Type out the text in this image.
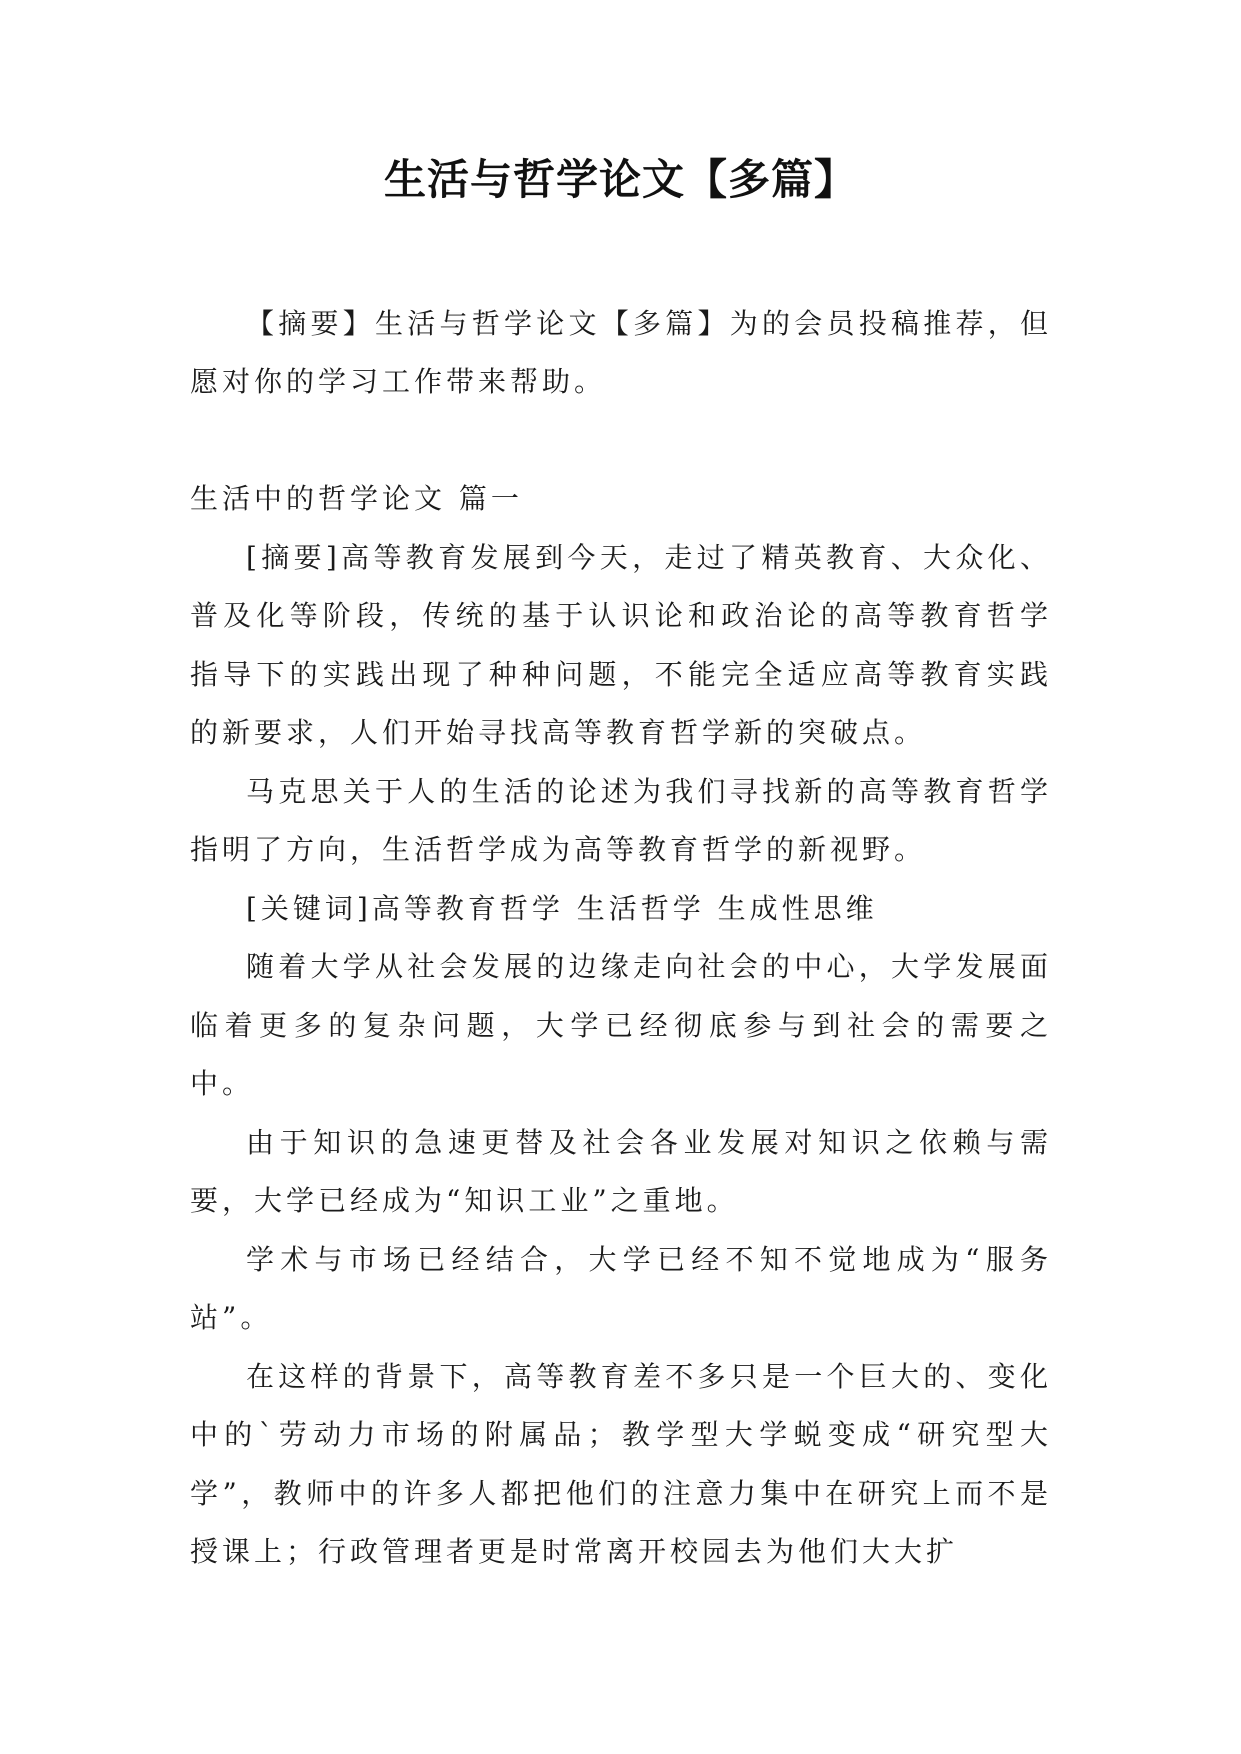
生活与哲学论文【多篇】

【摘要】生活与哲学论文【多篇】为的会员投稿推荐，但愿对你的学习工作带来帮助。

生活中的哲学论文 篇一

[摘要]高等教育发展到今天，走过了精英教育、大众化、普及化等阶段，传统的基于认识论和政治论的高等教育哲学指导下的实践出现了种种问题，不能完全适应高等教育实践的新要求，人们开始寻找高等教育哲学新的突破点。

马克思关于人的生活的论述为我们寻找新的高等教育哲学指明了方向，生活哲学成为高等教育哲学的新视野。

[关键词]高等教育哲学 生活哲学 生成性思维

随着大学从社会发展的边缘走向社会的中心，大学发展面临着更多的复杂问题，大学已经彻底参与到社会的需要之中。

由于知识的急速更替及社会各业发展对知识之依赖与需要，大学已经成为“知识工业”之重地。

学术与市场已经结合，大学已经不知不觉地成为“服务站”。

在这样的背景下，高等教育差不多只是一个巨大的、变化中的`劳动力市场的附属品；教学型大学蜕变成“研究型大学”，教师中的许多人都把他们的注意力集中在研究上而不是授课上；行政管理者更是时常离开校园去为他们大大扩
